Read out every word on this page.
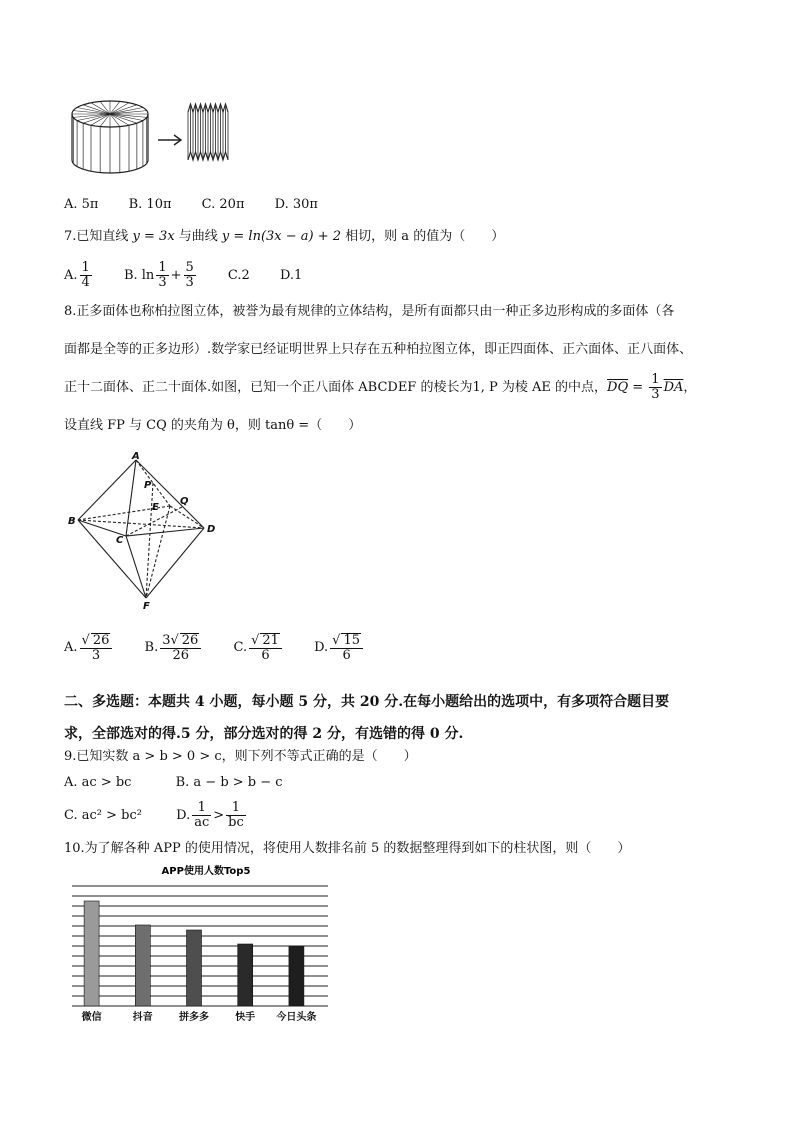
A. 5π B. 10π C. 20π D. 30π
7.已知直线 y = 3x 与曲线 y = ln(3x − a) + 2 相切，则 a 的值为（　　）
A. $\frac{1}{4} B$. $\ln \frac{1}{3} + \frac{5}{3} C.2$ D.1
8.正多面体也称柏拉图立体，被誉为最有规律的立体结构，是所有面都只由一种正多边形构成的多面体（各
面都是全等的正多边形）.数学家已经证明世界上只存在五种柏拉图立体，即正四面体、正六面体、正八面体、
正十二面体、正二十面体.如图，已知一个正八面体 ABCDEF 的棱长为1, P 为棱 AE 的中点，$\overline{DQ} = \frac{1}{3} \overline{DA}$，
设直线 FP 与 CQ 的夹角为 θ，则 tanθ =（　　）
A
P
E
Q
B
C
D
F
A. $\frac{√ 26}{3} B$. $\frac{3√ 26}{26} C$. $\frac{√ 21}{6} D$. $\frac{√ 15}{6}$
二、多选题：本题共 4 小题，每小题 5 分，共 20 分.在每小题给出的选项中，有多项符合题目要
求，全部选对的得.5 分，部分选对的得 2 分，有选错的得 0 分.
9.已知实数 a > b > 0 > c，则下列不等式正确的是（　　）
A. ac > bc	B. a − b > b − c
C. ac² > bc²	D. $\frac{1}{ac} > \frac{1}{bc}$
10.为了解各种 APP 的使用情况，将使用人数排名前 5 的数据整理得到如下的柱状图，则（　　）
APP使用人数Top5
微信	抖音	拼多多	快手 今日头条
